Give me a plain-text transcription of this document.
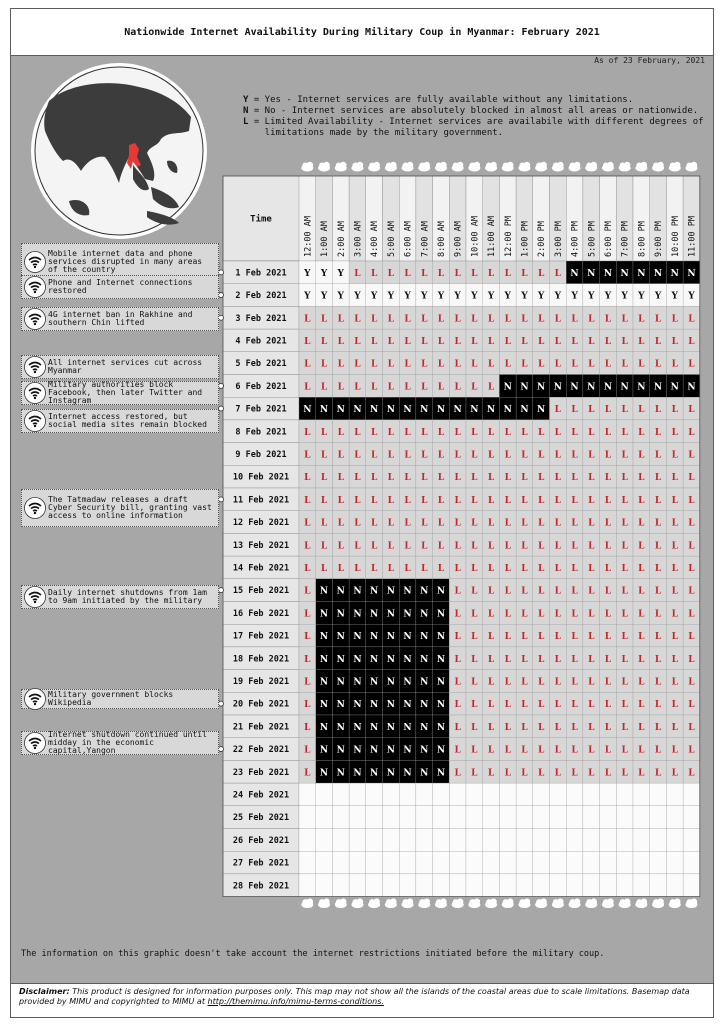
Nationwide Internet Availability During Military Coup in Myanmar: February 2021
As of 23 February, 2021
Y = Yes - Internet services are fully available without any limitations.
N = No - Internet services are absolutely blocked in almost all areas or nationwide.
L = Limited Availability - Internet services are availabile with different degrees of
limitations made by the military government.
Time	12:00 AM 1:00 AM 2:00 AM 3:00 AM 4:00 AM 5:00 AM 6:00 AM 7:00 AM 8:00 AM 9:00 AM 10:00 AM 11:00 AM 12:00 PM 1:00 PM 2:00 PM 3:00 PM 4:00 PM 5:00 PM 6:00 PM 7:00 PM 8:00 PM 9:00 PM 10:00 PM 11:00 PM
1 Feb 2021 Y Y Y L L L L L L L L L L L L L N N N N N N N N
2 Feb 2021 Y Y Y Y Y Y Y Y Y Y Y Y Y Y Y Y Y Y Y Y Y Y Y Y
3 Feb 2021 L L L L L L L L L L L L L L L L L L L L L L L L
4 Feb 2021 L L L L L L L L L L L L L L L L L L L L L L L L
5 Feb 2021 L L L L L L L L L L L L L L L L L L L L L L L L
6 Feb 2021 L L L L L L L L L L L L N N N N N N N N N N N N
7 Feb 2021 N N N N N N N N N N N N N N N L L L L L L L L L
8 Feb 2021 L L L L L L L L L L L L L L L L L L L L L L L L
9 Feb 2021 L L L L L L L L L L L L L L L L L L L L L L L L
10 Feb 2021 L L L L L L L L L L L L L L L L L L L L L L L L
11 Feb 2021 L L L L L L L L L L L L L L L L L L L L L L L L
12 Feb 2021 L L L L L L L L L L L L L L L L L L L L L L L L
13 Feb 2021 L L L L L L L L L L L L L L L L L L L L L L L L
14 Feb 2021 L L L L L L L L L L L L L L L L L L L L L L L L
15 Feb 2021 L N N N N N N N N L L L L L L L L L L L L L L L
16 Feb 2021 L N N N N N N N N L L L L L L L L L L L L L L L
17 Feb 2021 L N N N N N N N N L L L L L L L L L L L L L L L
18 Feb 2021 L N N N N N N N N L L L L L L L L L L L L L L L
19 Feb 2021 L N N N N N N N N L L L L L L L L L L L L L L L
20 Feb 2021 L N N N N N N N N L L L L L L L L L L L L L L L
21 Feb 2021 L N N N N N N N N L L L L L L L L L L L L L L L
22 Feb 2021 L N N N N N N N N L L L L L L L L L L L L L L L
23 Feb 2021 L N N N N N N N N L L L L L L L L L L L L L L L
24 Feb 2021
25 Feb 2021
26 Feb 2021
27 Feb 2021
28 Feb 2021
Mobile internet data and phone services disrupted in many areas of the country
Phone and Internet connections restored
4G internet ban in Rakhine and southern Chin lifted
All internet services cut across Myanmar
Military authorities block Facebook, then later Twitter and Instagram
Internet access restored, but social media sites remain blocked
The Tatmadaw releases a draft Cyber Security bill, granting vast access to online information
Daily internet shutdowns from 1am to 9am initiated by the military
Military government blocks Wikipedia
Internet shutdown continued until midday in the economic capital,Yangon
The information on this graphic doesn't take account the internet restrictions initiated before the military coup.
Disclaimer: This product is designed for information purposes only. This map may not show all the islands of the coastal areas due to scale limitations. Basemap data provided by MIMU and copyrighted to MIMU at http://themimu.info/mimu-terms-conditions.
